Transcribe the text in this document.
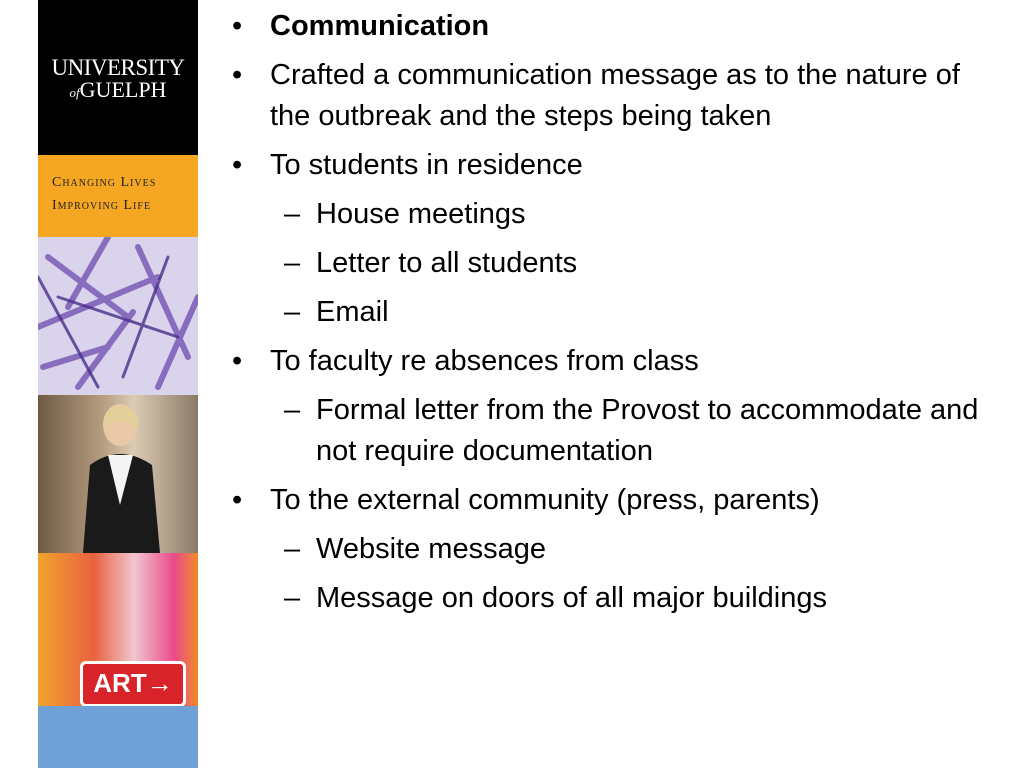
UNIVERSITY
ofGUELPH
Changing Lives
Improving Life
ART→
• Communication
• Crafted a communication message as to the nature of the outbreak and the steps being taken
• To students in residence
– House meetings
– Letter to all students
– Email
• To faculty re absences from class
– Formal letter from the Provost to accommodate and not require documentation
• To the external community (press, parents)
– Website message
– Message on doors of all major buildings
